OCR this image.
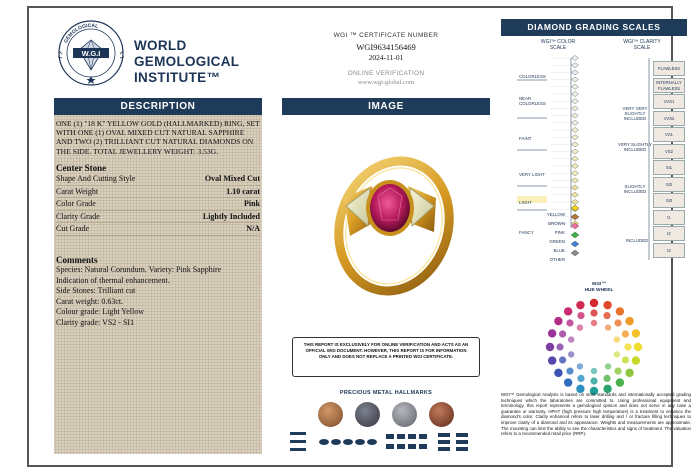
W.G.I
GEMOLOGICAL
WORLD
GEMOLOGICAL
INSTITUTE™
DESCRIPTION
ONE (1) "18 K" YELLOW GOLD (HALLMARKED) RING, SET WITH ONE (1) OVAL MIXED CUT NATURAL SAPPHIRE AND TWO (2) TRILLIANT CUT NATURAL DIAMONDS ON THE SIDE. TOTAL JEWELLERY WEIGHT: 3.53G.
Center Stone
Shape And Cutting Style	Oval Mixed Cut
Carat Weight	1.10 carat
Color Grade	Pink
Clarity Grade	Lightly Included
Cut Grade	N/A
Comments

Species: Natural Corundum. Variety: Pink Sapphire

Indication of thermal enhancement.

Side Stones: Trilliant cut

Carat weight: 0.63ct.

Colour grade: Light Yellow

Clarity grade: VS2 - SI1

WGI ™ CERTIFICATE NUMBER
WGI9634156469
2024-11-01
ONLINE VERIFICATION
www.wgi-global.com
IMAGE
THIS REPORT IS EXCLUSIVELY FOR ONLINE VERIFICATION AND ACTS AS AN OFFICIAL WGI DOCUMENT. HOWEVER, THIS REPORT IS FOR INFORMATION ONLY AND DOES NOT REPLACE A PRINTED WGI CERTIFICATE.
PRECIOUS METAL HALLMARKS
DIAMOND GRADING SCALES
WGI™ COLOR SCALE
WGI™ CLARITY SCALE
COLORLESS
NEAR COLORLESS
FAINT
VERY LIGHT
LIGHT
FANCY
YELLOW
BROWN
PINK
GREEN
BLUE
OTHER
VERY VERY SLIGHTLY INCLUDED
VERY SLIGHTLY INCLUDED
SLIGHTLY INCLUDED
INCLUDED
FLAWLESS
INTERNALLY FLAWLESS
VVS1
VVS2
VS1
VS2
SI1
SI2
SI3
I1
I2
I3
WGI™
HUE WHEEL
WGI™ Gemological Analysis is based on strict standards and internationally accepted grading techniques which the laboratories are committed to. Using professional equipment and terminology, this report represents a gemological opinion and does not serve in any case a guarantee or warranty. HPHT (high pressure high temperature) is a treatment to enhance the diamond's color. Clarity enhanced refers to laser drilling and / or fracture filling techniques to improve clarity of a diamond and its appearance. Weights and measurements are approximate. The mounting can limit the ability to see the characteristics and signs of treatment. The valuation refers to a recommended retail price (RRP).
